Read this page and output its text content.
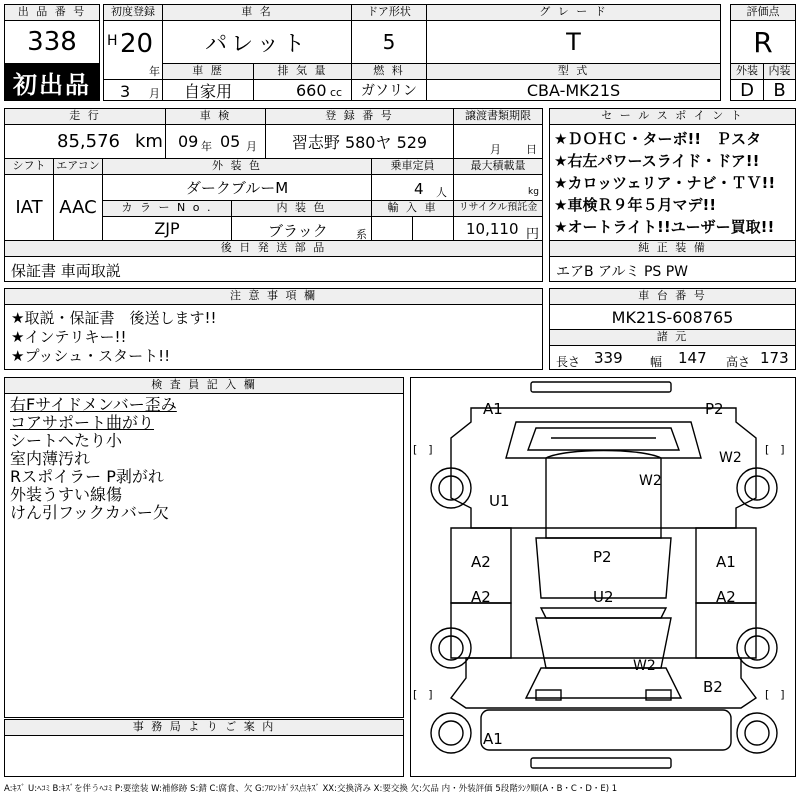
出 品 番 号
338
初出品
初度登録
H 20
年
3 月
車 名
パレット
車 歴
自家用
排 気 量
660 cc
ドア形状
5
燃 料
ガソリン
グ レ ー ド
T
型 式
CBA-MK21S
評価点
R
外装 内装
D	B
走 行
85,576 km
車 検
09 年 05 月
登 録 番 号
習志野 580ヤ 529
譲渡書類期限
月 日
シフト
IAT
エアコン
AAC
外 装 色
ダークブルーM
乗車定員
4 人
最大積載量
kg
カ ラ ー N o .
ZJP
内 装 色
ブラック	系
輸 入 車	リサイクル預託金
10,110 円
後 日 発 送 部 品
保証書 車両取説
セ ー ル ス ポ イ ン ト
★ＤＯＨＣ・ターボ!!　Ｐスタ
★右左パワースライド・ドア!!
★カロッツェリア・ナビ・ＴＶ!!
★車検Ｒ９年５月マデ!!
★オートライト!!ユーザー買取!!
純 正 装 備
エアB アルミ PS PW
注 意 事 項 欄
★取説・保証書　後送します!!
★インテリキー!!
★プッシュ・スタート!!
車 台 番 号
MK21S-608765
諸 元
長さ 339 幅 147 高さ 173
検 査 員 記 入 欄
右Fサイドメンバー歪み
コアサポート曲がり
シートへたり小
室内薄汚れ
Rスポイラー P剥がれ
外装うすい線傷
けん引フックカバー欠
事 務 局 よ り ご 案 内
A1	P2
W2
W2
U1
A2	P2	A1
A2	U2	A2
W2
B2
A1
[　]	[　]
[　]	[　]
A:ｷｽﾞ U:ﾍｺﾐ B:ｷｽﾞを伴うﾍｺﾐ P:要塗装 W:補修跡 S:錆 C:腐食、欠 G:ﾌﾛﾝﾄｶﾞﾗｽ点ｷｽﾞ XX:交換済み X:要交換 欠:欠品 内・外装評価 5段階ﾗﾝｸ順(A・B・C・D・E) 1
